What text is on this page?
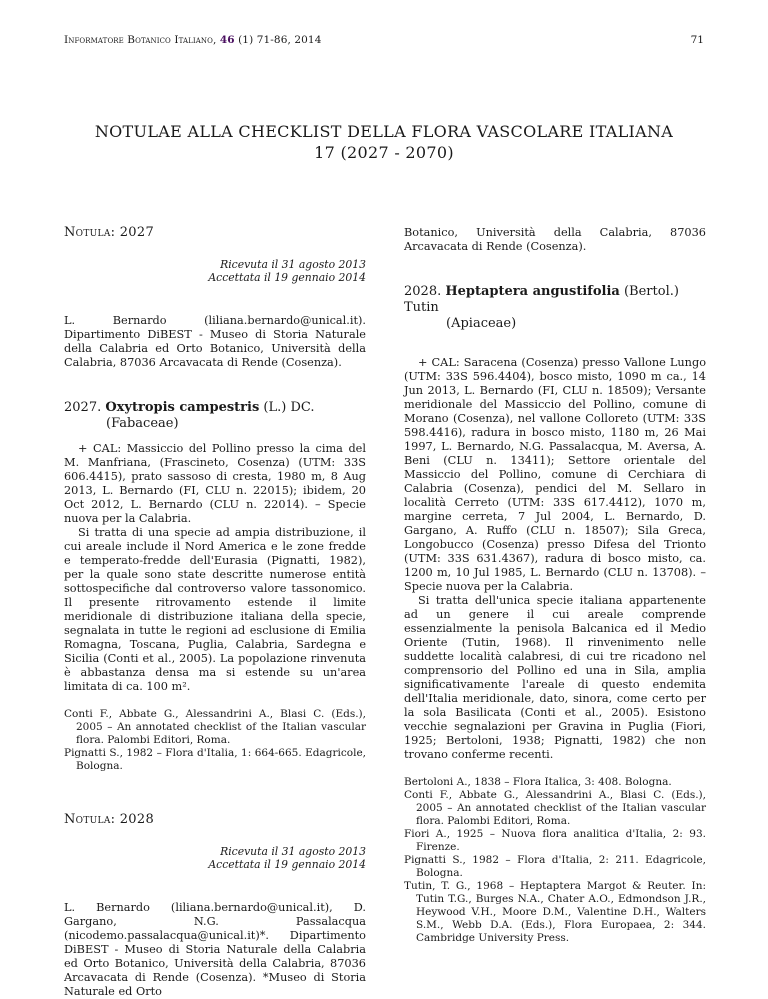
Informatore Botanico Italiano, 46 (1) 71-86, 2014	71
NOTULAE ALLA CHECKLIST DELLA FLORA VASCOLARE ITALIANA
17 (2027 - 2070)
Notula: 2027
Ricevuta il 31 agosto 2013
Accettata il 19 gennaio 2014

L. Bernardo (liliana.bernardo@unical.it). Dipartimento DiBEST - Museo di Storia Naturale della Calabria ed Orto Botanico, Università della Calabria, 87036 Arcavacata di Rende (Cosenza).

2027. Oxytropis campestris (L.) DC.
(Fabaceae)

+ CAL: Massiccio del Pollino presso la cima del M. Manfriana, (Frascineto, Cosenza) (UTM: 33S 606.4415), prato sassoso di cresta, 1980 m, 8 Aug 2013, L. Bernardo (FI, CLU n. 22015); ibidem, 20 Oct 2012, L. Bernardo (CLU n. 22014). – Specie nuova per la Calabria.

Si tratta di una specie ad ampia distribuzione, il cui areale include il Nord America e le zone fredde e temperato-fredde dell'Eurasia (Pignatti, 1982), per la quale sono state descritte numerose entità sottospecifiche dal controverso valore tassonomico. Il presente ritrovamento estende il limite meridionale di distribuzione italiana della specie, segnalata in tutte le regioni ad esclusione di Emilia Romagna, Toscana, Puglia, Calabria, Sardegna e Sicilia (Conti et al., 2005). La popolazione rinvenuta è abbastanza densa ma si estende su un'area limitata di ca. 100 m².

Conti F., Abbate G., Alessandrini A., Blasi C. (Eds.), 2005 – An annotated checklist of the Italian vascular flora. Palombi Editori, Roma.

Pignatti S., 1982 – Flora d'Italia, 1: 664-665. Edagricole, Bologna.

Notula: 2028
Ricevuta il 31 agosto 2013
Accettata il 19 gennaio 2014

L. Bernardo (liliana.bernardo@unical.it), D. Gargano, N.G. Passalacqua (nicodemo.passalacqua@unical.it)*. Dipartimento DiBEST - Museo di Storia Naturale della Calabria ed Orto Botanico, Università della Calabria, 87036 Arcavacata di Rende (Cosenza). *Museo di Storia Naturale ed Orto

Botanico, Università della Calabria, 87036 Arcavacata di Rende (Cosenza).

2028. Heptaptera angustifolia (Bertol.) Tutin
(Apiaceae)

+ CAL: Saracena (Cosenza) presso Vallone Lungo (UTM: 33S 596.4404), bosco misto, 1090 m ca., 14 Jun 2013, L. Bernardo (FI, CLU n. 18509); Versante meridionale del Massiccio del Pollino, comune di Morano (Cosenza), nel vallone Colloreto (UTM: 33S 598.4416), radura in bosco misto, 1180 m, 26 Mai 1997, L. Bernardo, N.G. Passalacqua, M. Aversa, A. Beni (CLU n. 13411); Settore orientale del Massiccio del Pollino, comune di Cerchiara di Calabria (Cosenza), pendici del M. Sellaro in località Cerreto (UTM: 33S 617.4412), 1070 m, margine cerreta, 7 Jul 2004, L. Bernardo, D. Gargano, A. Ruffo (CLU n. 18507); Sila Greca, Longobucco (Cosenza) presso Difesa del Trionto (UTM: 33S 631.4367), radura di bosco misto, ca. 1200 m, 10 Jul 1985, L. Bernardo (CLU n. 13708). – Specie nuova per la Calabria.

Si tratta dell'unica specie italiana appartenente ad un genere il cui areale comprende essenzialmente la penisola Balcanica ed il Medio Oriente (Tutin, 1968). Il rinvenimento nelle suddette località calabresi, di cui tre ricadono nel comprensorio del Pollino ed una in Sila, amplia significativamente l'areale di questo endemita dell'Italia meridionale, dato, sinora, come certo per la sola Basilicata (Conti et al., 2005). Esistono vecchie segnalazioni per Gravina in Puglia (Fiori, 1925; Bertoloni, 1938; Pignatti, 1982) che non trovano conferme recenti.

Bertoloni A., 1838 – Flora Italica, 3: 408. Bologna.

Conti F., Abbate G., Alessandrini A., Blasi C. (Eds.), 2005 – An annotated checklist of the Italian vascular flora. Palombi Editori, Roma.

Fiori A., 1925 – Nuova flora analitica d'Italia, 2: 93. Firenze.

Pignatti S., 1982 – Flora d'Italia, 2: 211. Edagricole, Bologna.

Tutin, T. G., 1968 – Heptaptera Margot & Reuter. In: Tutin T.G., Burges N.A., Chater A.O., Edmondson J.R., Heywood V.H., Moore D.M., Valentine D.H., Walters S.M., Webb D.A. (Eds.), Flora Europaea, 2: 344. Cambridge University Press.
